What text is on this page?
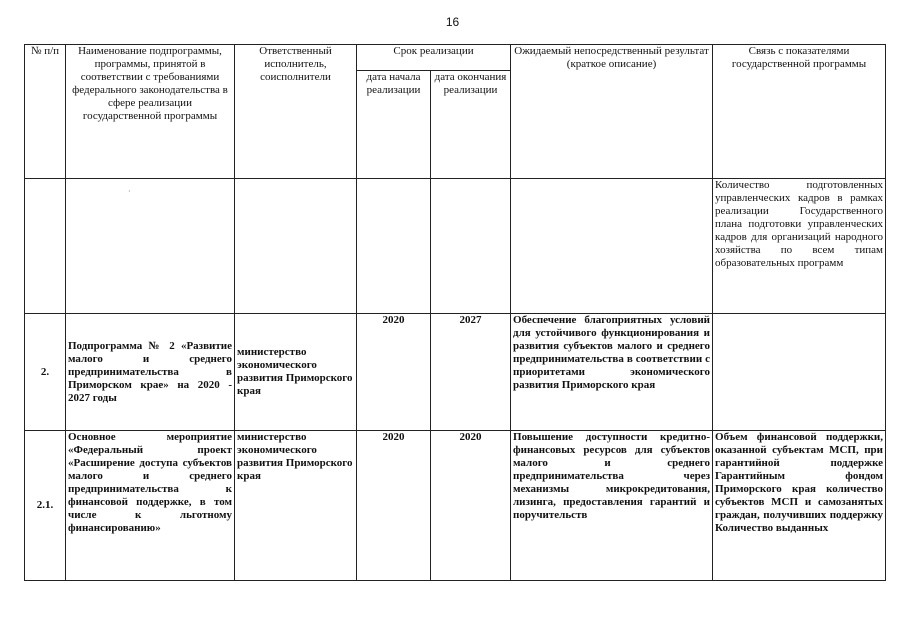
16
№ п/п	Наименование подпрограммы, программы, принятой в соответствии с требованиями федерального законодательства в сфере реализации государственной программы	Ответственный исполнитель, соисполнители	Срок реализации		Ожидаемый непосредственный результат (краткое описание)	Связь с показателями государственной программы
			дата начала реализации	дата окончания реализации		
	$_\cdot$					Количество подготовленных управленческих кадров в рамках реализации Государственного плана подготовки управленческих кадров для организаций народного хозяйства по всем типам образовательных программ
2.	Подпрограмма № 2 «Развитие малого и среднего предпринимательства в Приморском крае» на 2020 - 2027 годы	министерство экономического развития Приморского края	2020	2027	Обеспечение благоприятных условий для устойчивого функционирования и развития субъектов малого и среднего предпринимательства в соответствии с приоритетами экономического развития Приморского края	
2.1.	Основное мероприятие «Федеральный проект «Расширение доступа субъектов малого и среднего предпринимательства к финансовой поддержке, в том числе к льготному финансированию»	министерство экономического развития Приморского края	2020	2020	Повышение доступности кредитно-финансовых ресурсов для субъектов малого и среднего предпринимательства через механизмы микрокредитования, лизинга, предоставления гарантий и поручительств	Объем финансовой поддержки, оказанной субъектам МСП, при гарантийной поддержке Гарантийным фондом Приморского края количество субъектов МСП и самозанятых граждан, получивших поддержку Количество выданных
